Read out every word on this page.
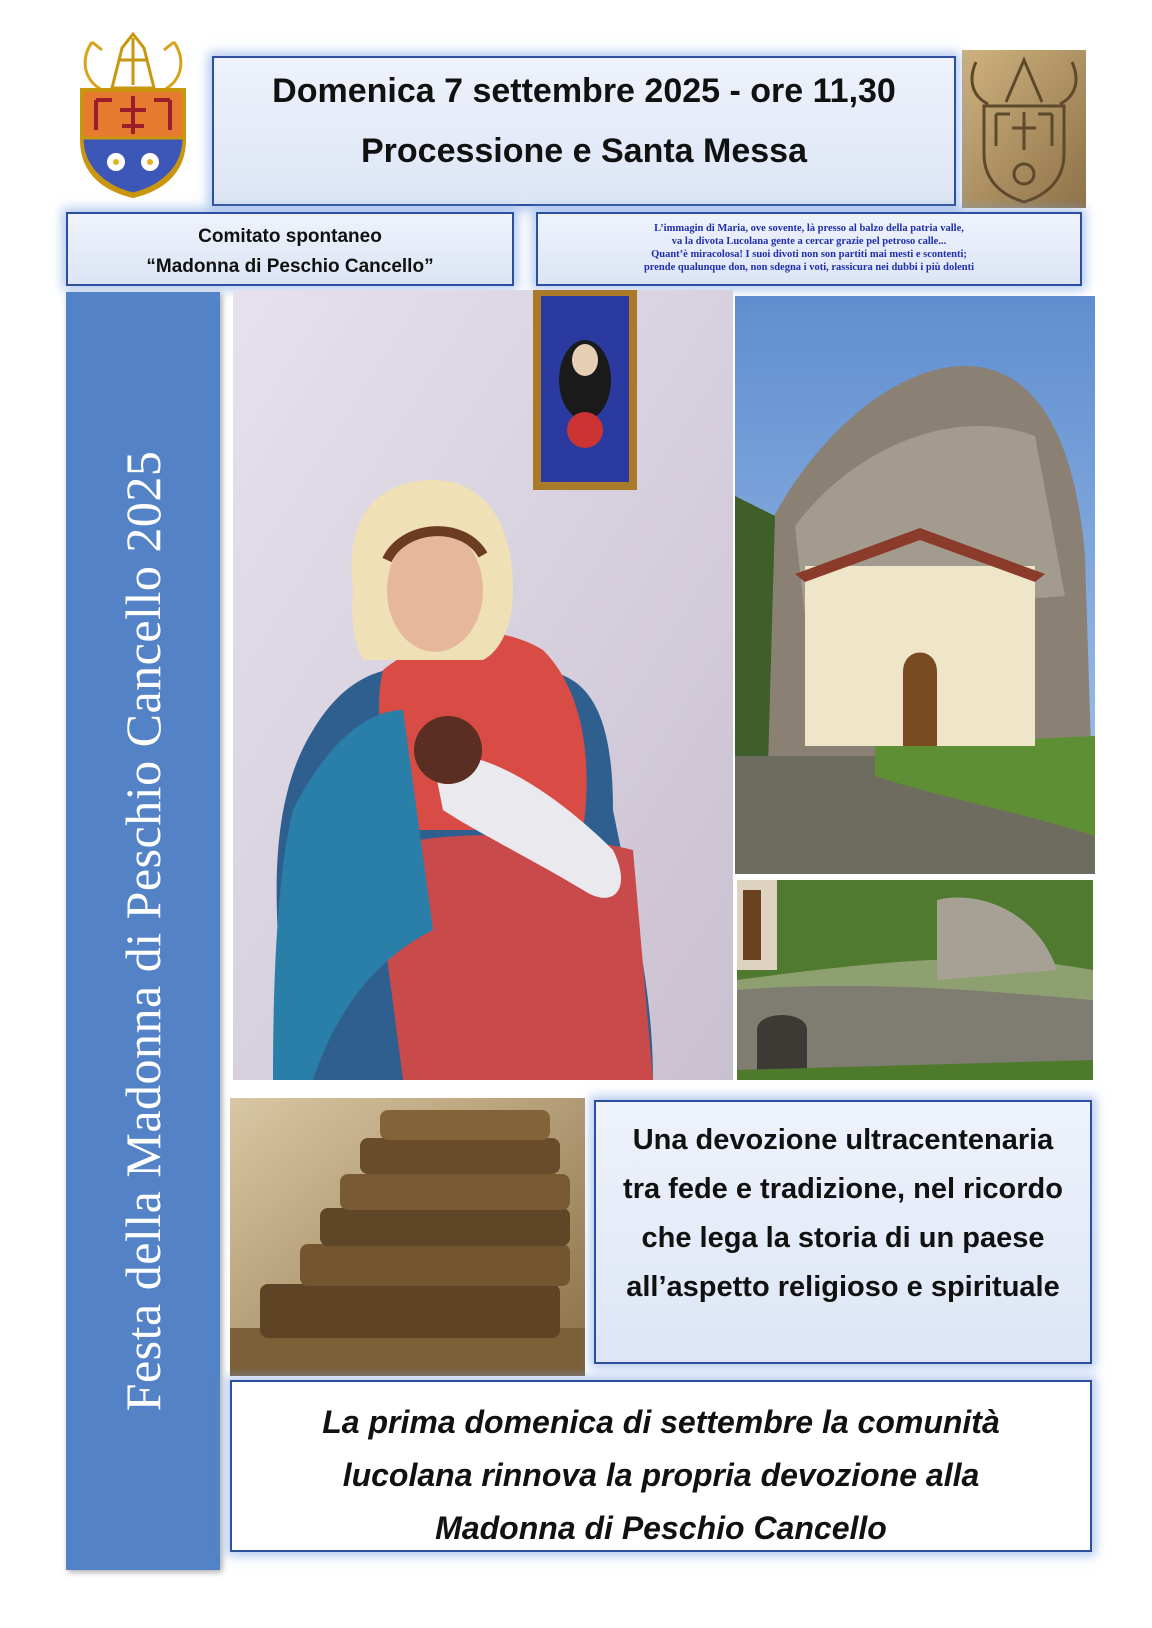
Domenica 7 settembre 2025 - ore 11,30
Processione e Santa Messa
Comitato spontaneo
“Madonna di Peschio Cancello”
L’immagin di Maria, ove sovente, là presso al balzo della patria valle,
va la divota Lucolana gente a cercar grazie pel petroso calle...
Quant’è miracolosa! I suoi divoti non son partiti mai mesti e scontenti;
prende qualunque don, non sdegna i voti, rassicura nei dubbi i più dolenti
Festa della Madonna di Peschio Cancello 2025	Una devozione ultracentenaria
tra fede e tradizione, nel ricordo
che lega la storia di un paese
all’aspetto religioso e spirituale
La prima domenica di settembre la comunità
lucolana rinnova la propria devozione alla
Madonna di Peschio Cancello
